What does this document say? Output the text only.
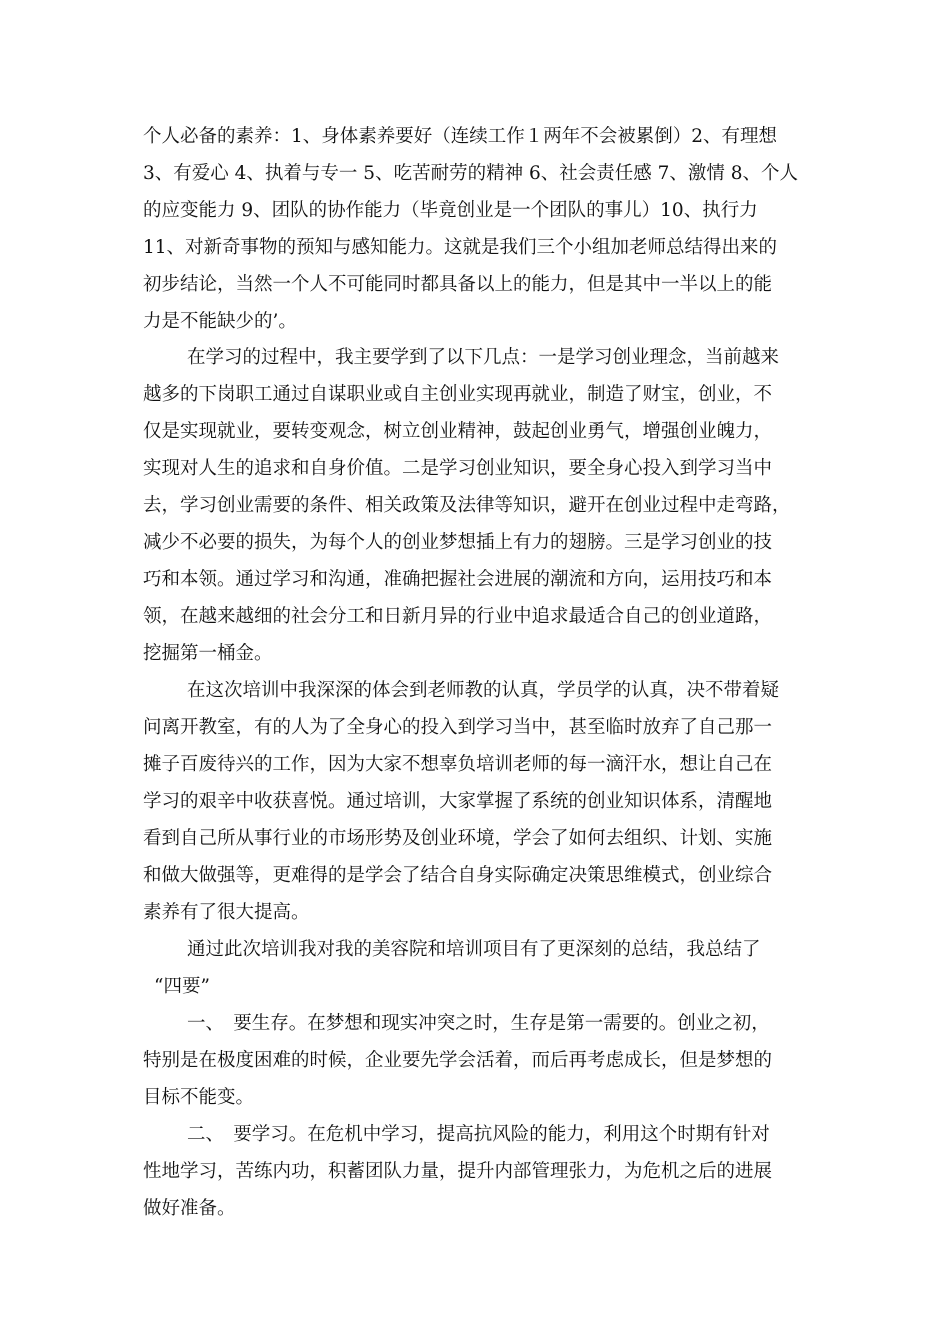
个人必备的素养：1、身体素养要好（连续工作１两年不会被累倒）2、有理想
3、有爱心 4、执着与专一 5、吃苦耐劳的精神 6、社会责任感 7、激情 8、个人
的应变能力 9、团队的协作能力（毕竟创业是一个团队的事儿）10、执行力
11、对新奇事物的预知与感知能力。这就是我们三个小组加老师总结得出来的
初步结论，当然一个人不可能同时都具备以上的能力，但是其中一半以上的能
力是不能缺少的’。
在学习的过程中，我主要学到了以下几点：一是学习创业理念，当前越来
越多的下岗职工通过自谋职业或自主创业实现再就业，制造了财宝，创业，不
仅是实现就业，要转变观念，树立创业精神，鼓起创业勇气，增强创业魄力，
实现对人生的追求和自身价值。二是学习创业知识，要全身心投入到学习当中
去，学习创业需要的条件、相关政策及法律等知识，避开在创业过程中走弯路，
减少不必要的损失，为每个人的创业梦想插上有力的翅膀。三是学习创业的技
巧和本领。通过学习和沟通，准确把握社会进展的潮流和方向，运用技巧和本
领，在越来越细的社会分工和日新月异的行业中追求最适合自己的创业道路，
挖掘第一桶金。
在这次培训中我深深的体会到老师教的认真，学员学的认真，决不带着疑
问离开教室，有的人为了全身心的投入到学习当中，甚至临时放弃了自己那一
摊子百废待兴的工作，因为大家不想辜负培训老师的每一滴汗水，想让自己在
学习的艰辛中收获喜悦。通过培训，大家掌握了系统的创业知识体系，清醒地
看到自己所从事行业的市场形势及创业环境，学会了如何去组织、计划、实施
和做大做强等，更难得的是学会了结合自身实际确定决策思维模式，创业综合
素养有了很大提高。
通过此次培训我对我的美容院和培训项目有了更深刻的总结，我总结了
“四要”
一、　要生存。在梦想和现实冲突之时，生存是第一需要的。创业之初，
特别是在极度困难的时候，企业要先学会活着，而后再考虑成长，但是梦想的
目标不能变。
二、　要学习。在危机中学习，提高抗风险的能力，利用这个时期有针对
性地学习，苦练内功，积蓄团队力量，提升内部管理张力，为危机之后的进展
做好准备。
